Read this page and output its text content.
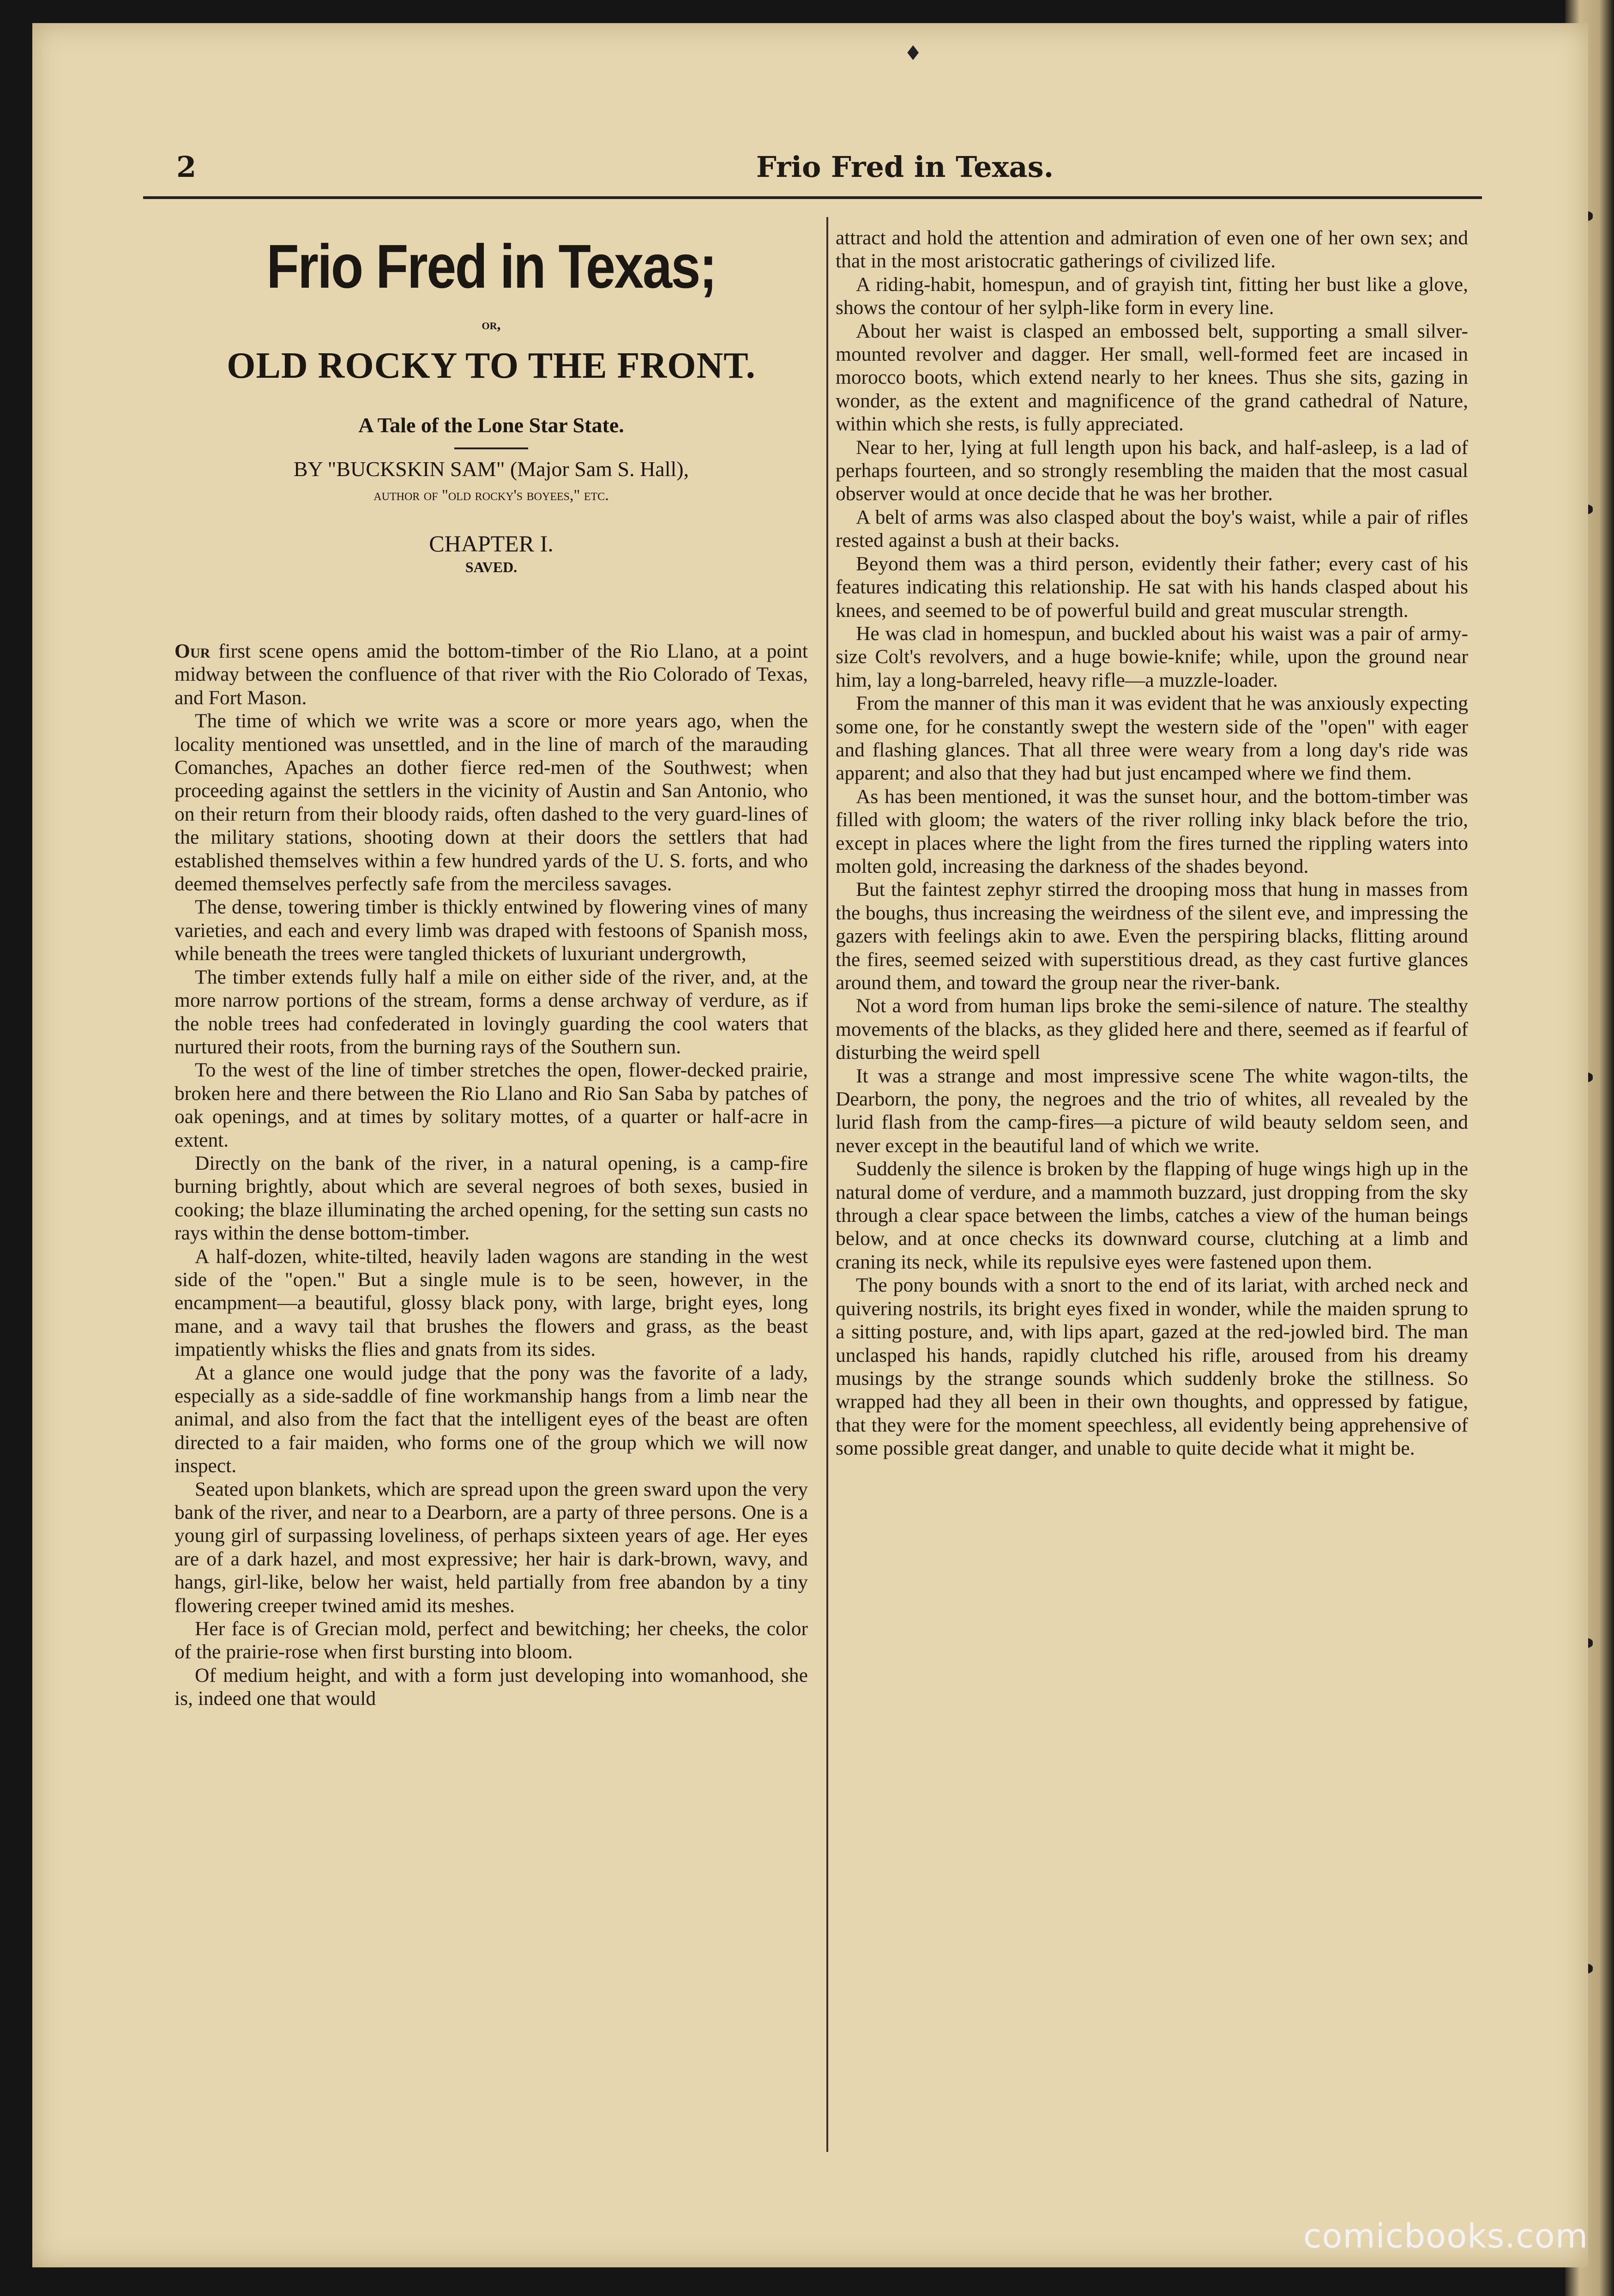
♦
2	Frio Fred in Texas.
Frio Fred in Texas;
or,
OLD ROCKY TO THE FRONT.
A Tale of the Lone Star State.
BY "BUCKSKIN SAM" (Major Sam S. Hall),
author of "old rocky's boyees," etc.
CHAPTER I.
SAVED.

Our first scene opens amid the bottom-timber of the Rio Llano, at a point midway between the confluence of that river with the Rio Colorado of Texas, and Fort Mason.

The time of which we write was a score or more years ago, when the locality mentioned was unsettled, and in the line of march of the marauding Comanches, Apaches an dother fierce red-men of the Southwest; when proceeding against the settlers in the vicinity of Austin and San Antonio, who on their return from their bloody raids, often dashed to the very guard-lines of the military stations, shooting down at their doors the settlers that had established themselves within a few hundred yards of the U. S. forts, and who deemed themselves perfectly safe from the merciless savages.

The dense, towering timber is thickly entwined by flowering vines of many varieties, and each and every limb was draped with festoons of Spanish moss, while beneath the trees were tangled thickets of luxuriant undergrowth,

The timber extends fully half a mile on either side of the river, and, at the more narrow portions of the stream, forms a dense archway of verdure, as if the noble trees had confederated in lovingly guarding the cool waters that nurtured their roots, from the burning rays of the Southern sun.

To the west of the line of timber stretches the open, flower-decked prairie, broken here and there between the Rio Llano and Rio San Saba by patches of oak openings, and at times by solitary mottes, of a quarter or half-acre in extent.

Directly on the bank of the river, in a natural opening, is a camp-fire burning brightly, about which are several negroes of both sexes, busied in cooking; the blaze illuminating the arched opening, for the setting sun casts no rays within the dense bottom-timber.

A half-dozen, white-tilted, heavily laden wagons are standing in the west side of the "open." But a single mule is to be seen, however, in the encampment—a beautiful, glossy black pony, with large, bright eyes, long mane, and a wavy tail that brushes the flowers and grass, as the beast impatiently whisks the flies and gnats from its sides.

At a glance one would judge that the pony was the favorite of a lady, especially as a side-saddle of fine workmanship hangs from a limb near the animal, and also from the fact that the intelligent eyes of the beast are often directed to a fair maiden, who forms one of the group which we will now inspect.

Seated upon blankets, which are spread upon the green sward upon the very bank of the river, and near to a Dearborn, are a party of three persons. One is a young girl of surpassing loveliness, of perhaps sixteen years of age. Her eyes are of a dark hazel, and most expressive; her hair is dark-brown, wavy, and hangs, girl-like, below her waist, held partially from free abandon by a tiny flowering creeper twined amid its meshes.

Her face is of Grecian mold, perfect and bewitching; her cheeks, the color of the prairie-rose when first bursting into bloom.

Of medium height, and with a form just developing into womanhood, she is, indeed one that would

attract and hold the attention and admiration of even one of her own sex; and that in the most aristocratic gatherings of civilized life.

A riding-habit, homespun, and of grayish tint, fitting her bust like a glove, shows the contour of her sylph-like form in every line.

About her waist is clasped an embossed belt, supporting a small silver-mounted revolver and dagger. Her small, well-formed feet are incased in morocco boots, which extend nearly to her knees. Thus she sits, gazing in wonder, as the extent and magnificence of the grand cathedral of Nature, within which she rests, is fully appreciated.

Near to her, lying at full length upon his back, and half-asleep, is a lad of perhaps fourteen, and so strongly resembling the maiden that the most casual observer would at once decide that he was her brother.

A belt of arms was also clasped about the boy's waist, while a pair of rifles rested against a bush at their backs.

Beyond them was a third person, evidently their father; every cast of his features indicating this relationship. He sat with his hands clasped about his knees, and seemed to be of powerful build and great muscular strength.

He was clad in homespun, and buckled about his waist was a pair of army-size Colt's revolvers, and a huge bowie-knife; while, upon the ground near him, lay a long-barreled, heavy rifle—a muzzle-loader.

From the manner of this man it was evident that he was anxiously expecting some one, for he constantly swept the western side of the "open" with eager and flashing glances. That all three were weary from a long day's ride was apparent; and also that they had but just encamped where we find them.

As has been mentioned, it was the sunset hour, and the bottom-timber was filled with gloom; the waters of the river rolling inky black before the trio, except in places where the light from the fires turned the rippling waters into molten gold, increasing the darkness of the shades beyond.

But the faintest zephyr stirred the drooping moss that hung in masses from the boughs, thus increasing the weirdness of the silent eve, and impressing the gazers with feelings akin to awe. Even the perspiring blacks, flitting around the fires, seemed seized with superstitious dread, as they cast furtive glances around them, and toward the group near the river-bank.

Not a word from human lips broke the semi-silence of nature. The stealthy movements of the blacks, as they glided here and there, seemed as if fearful of disturbing the weird spell

It was a strange and most impressive scene The white wagon-tilts, the Dearborn, the pony, the negroes and the trio of whites, all revealed by the lurid flash from the camp-fires—a picture of wild beauty seldom seen, and never except in the beautiful land of which we write.

Suddenly the silence is broken by the flapping of huge wings high up in the natural dome of verdure, and a mammoth buzzard, just dropping from the sky through a clear space between the limbs, catches a view of the human beings below, and at once checks its downward course, clutching at a limb and craning its neck, while its repulsive eyes were fastened upon them.

The pony bounds with a snort to the end of its lariat, with arched neck and quivering nostrils, its bright eyes fixed in wonder, while the maiden sprung to a sitting posture, and, with lips apart, gazed at the red-jowled bird. The man unclasped his hands, rapidly clutched his rifle, aroused from his dreamy musings by the strange sounds which suddenly broke the stillness. So wrapped had they all been in their own thoughts, and oppressed by fatigue, that they were for the moment speechless, all evidently being apprehensive of some possible great danger, and unable to quite decide what it might be.

comicbooks.com
